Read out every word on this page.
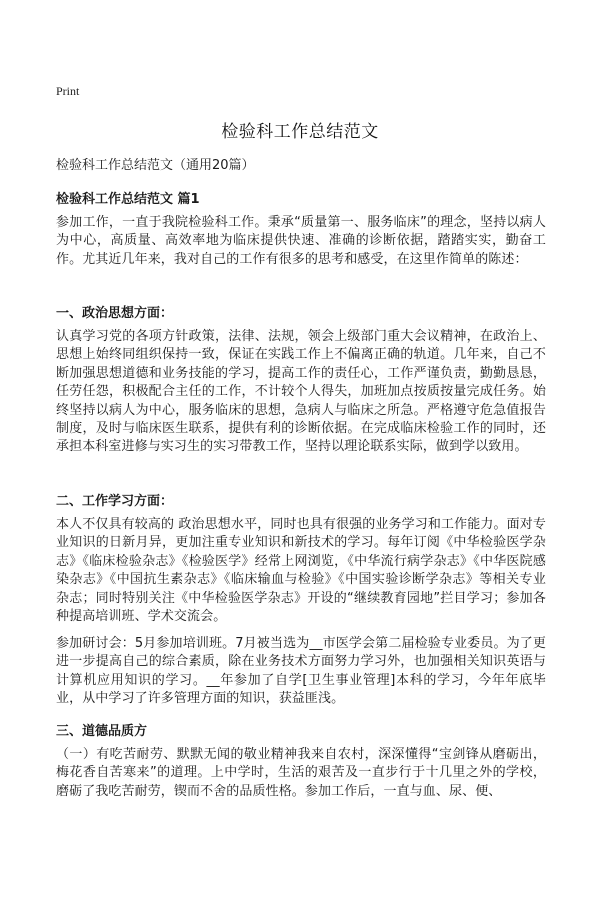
Print
检验科工作总结范文
检验科工作总结范文（通用20篇）
检验科工作总结范文 篇1

参加工作，一直于我院检验科工作。秉承“质量第一、服务临床”的理念，坚持以病人为中心，高质量、高效率地为临床提供快速、准确的诊断依据，踏踏实实，勤奋工作。尤其近几年来，我对自己的工作有很多的思考和感受，在这里作简单的陈述：

一、政治思想方面：

认真学习党的各项方针政策，法律、法规，领会上级部门重大会议精神，在政治上、思想上始终同组织保持一致，保证在实践工作上不偏离正确的轨道。几年来，自己不断加强思想道德和业务技能的学习，提高工作的责任心，工作严谨负责，勤勤恳恳，任劳任怨，积极配合主任的工作，不计较个人得失，加班加点按质按量完成任务。始终坚持以病人为中心，服务临床的思想，急病人与临床之所急。严格遵守危急值报告制度，及时与临床医生联系，提供有利的诊断依据。在完成临床检验工作的同时，还承担本科室进修与实习生的实习带教工作，坚持以理论联系实际，做到学以致用。

二、工作学习方面：

本人不仅具有较高的 政治思想水平，同时也具有很强的业务学习和工作能力。面对专业知识的日新月异，更加注重专业知识和新技术的学习。每年订阅《中华检验医学杂志》《临床检验杂志》《检验医学》经常上网浏览，《中华流行病学杂志》《中华医院感染杂志》《中国抗生素杂志》《临床输血与检验》《中国实验诊断学杂志》等相关专业杂志；同时特别关注《中华检验医学杂志》开设的“继续教育园地”拦目学习；参加各种提高培训班、学术交流会。

参加研讨会：5月参加培训班。7月被当选为__市医学会第二届检验专业委员。为了更进一步提高自己的综合素质，除在业务技术方面努力学习外，也加强相关知识英语与计算机应用知识的学习。__年参加了自学[卫生事业管理]本科的学习，今年年底毕业，从中学习了许多管理方面的知识，获益匪浅。

三、道德品质方

（一）有吃苦耐劳、默默无闻的敬业精神我来自农村，深深懂得“宝剑锋从磨砺出，梅花香自苦寒来”的道理。上中学时，生活的艰苦及一直步行于十几里之外的学校，磨砺了我吃苦耐劳，锲而不舍的品质性格。参加工作后，一直与血、尿、便、
